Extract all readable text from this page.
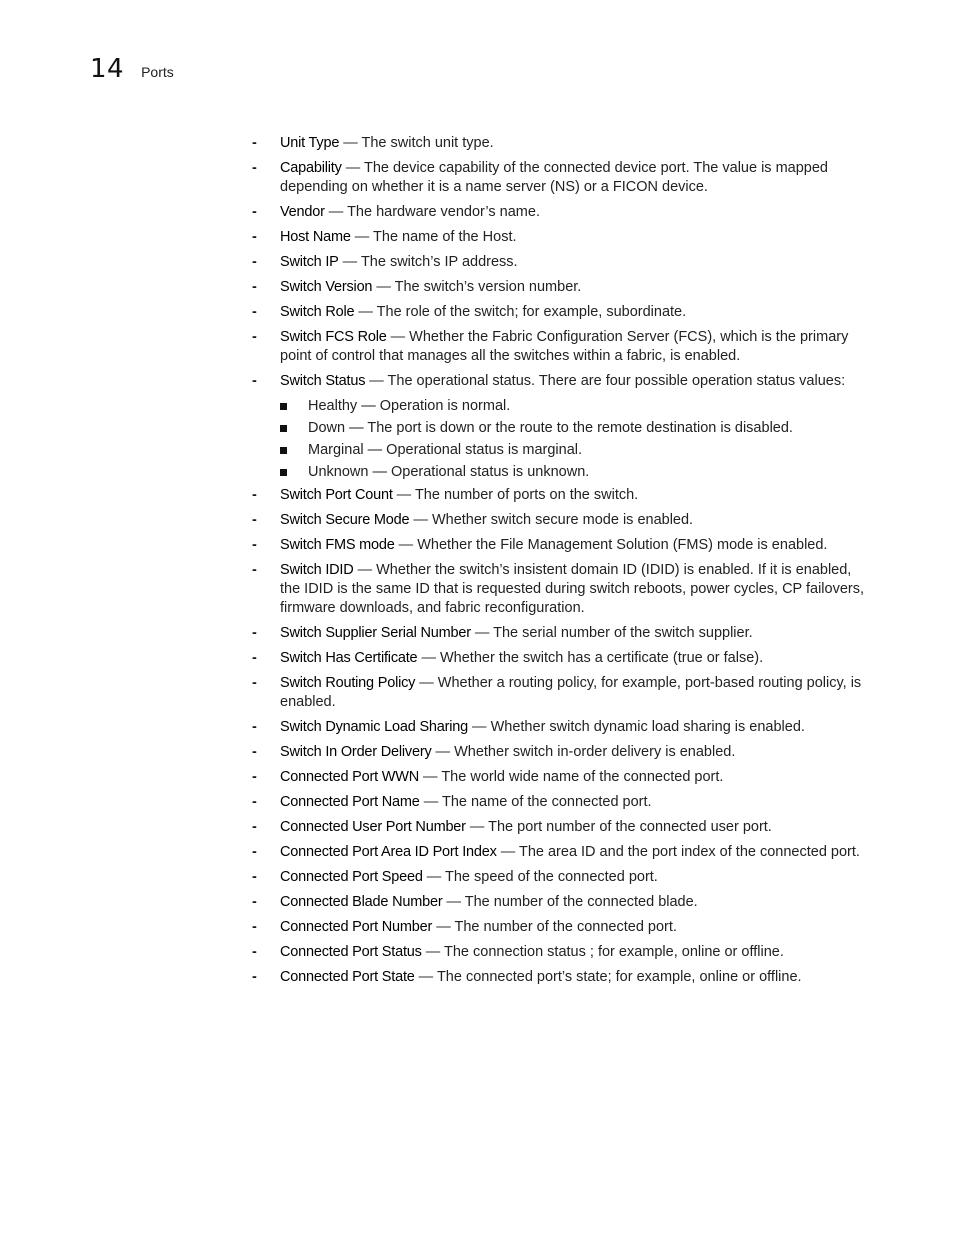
14 Ports
- Unit Type — The switch unit type.
- Capability — The device capability of the connected device port. The value is mapped depending on whether it is a name server (NS) or a FICON device.
- Vendor — The hardware vendor’s name.
- Host Name — The name of the Host.
- Switch IP — The switch’s IP address.
- Switch Version — The switch’s version number.
- Switch Role — The role of the switch; for example, subordinate.
- Switch FCS Role — Whether the Fabric Configuration Server (FCS), which is the primary point of control that manages all the switches within a fabric, is enabled.
- Switch Status — The operational status. There are four possible operation status values:
Healthy — Operation is normal.
Down — The port is down or the route to the remote destination is disabled.
Marginal — Operational status is marginal.
Unknown — Operational status is unknown.
- Switch Port Count — The number of ports on the switch.
- Switch Secure Mode — Whether switch secure mode is enabled.
- Switch FMS mode — Whether the File Management Solution (FMS) mode is enabled.
- Switch IDID — Whether the switch’s insistent domain ID (IDID) is enabled. If it is enabled, the IDID is the same ID that is requested during switch reboots, power cycles, CP failovers, firmware downloads, and fabric reconfiguration.
- Switch Supplier Serial Number — The serial number of the switch supplier.
- Switch Has Certificate — Whether the switch has a certificate (true or false).
- Switch Routing Policy — Whether a routing policy, for example, port-based routing policy, is enabled.
- Switch Dynamic Load Sharing — Whether switch dynamic load sharing is enabled.
- Switch In Order Delivery — Whether switch in-order delivery is enabled.
- Connected Port WWN — The world wide name of the connected port.
- Connected Port Name — The name of the connected port.
- Connected User Port Number — The port number of the connected user port.
- Connected Port Area ID Port Index — The area ID and the port index of the connected port.
- Connected Port Speed — The speed of the connected port.
- Connected Blade Number — The number of the connected blade.
- Connected Port Number — The number of the connected port.
- Connected Port Status — The connection status ; for example, online or offline.
- Connected Port State — The connected port’s state; for example, online or offline.
